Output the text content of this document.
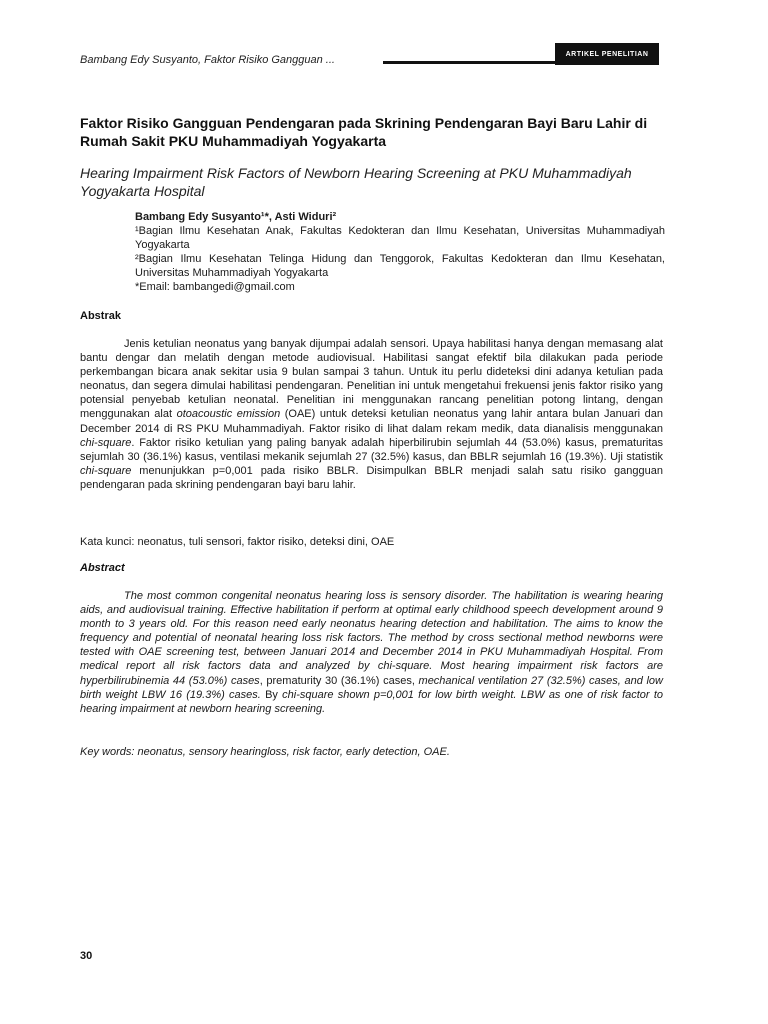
Bambang Edy Susyanto, Faktor Risiko Gangguan ...	ARTIKEL PENELITIAN
Faktor Risiko Gangguan Pendengaran pada Skrining Pendengaran Bayi Baru Lahir di Rumah Sakit PKU Muhammadiyah Yogyakarta
Hearing Impairment Risk Factors of Newborn Hearing Screening at PKU Muhammadiyah Yogyakarta Hospital
Bambang Edy Susyanto¹*, Asti Widuri²
¹Bagian Ilmu Kesehatan Anak, Fakultas Kedokteran dan Ilmu Kesehatan, Universitas Muhammadiyah Yogyakarta
²Bagian Ilmu Kesehatan Telinga Hidung dan Tenggorok, Fakultas Kedokteran dan Ilmu Kesehatan, Universitas Muhammadiyah Yogyakarta
*Email: bambangedi@gmail.com
Abstrak
Jenis ketulian neonatus yang banyak dijumpai adalah sensori. Upaya habilitasi hanya dengan memasang alat bantu dengar dan melatih dengan metode audiovisual. Habilitasi sangat efektif bila dilakukan pada periode perkembangan bicara anak sekitar usia 9 bulan sampai 3 tahun. Untuk itu perlu dideteksi dini adanya ketulian pada neonatus, dan segera dimulai habilitasi pendengaran. Penelitian ini untuk mengetahui frekuensi jenis faktor risiko yang potensial penyebab ketulian neonatal. Penelitian ini menggunakan rancang penelitian potong lintang, dengan menggunakan alat otoacoustic emission (OAE) untuk deteksi ketulian neonatus yang lahir antara bulan Januari dan December 2014 di RS PKU Muhammadiyah. Faktor risiko di lihat dalam rekam medik, data dianalisis menggunakan chi-square. Faktor risiko ketulian yang paling banyak adalah hiperbilirubin sejumlah 44 (53.0%) kasus, prematuritas sejumlah 30 (36.1%) kasus, ventilasi mekanik sejumlah 27 (32.5%) kasus, dan BBLR sejumlah 16 (19.3%). Uji statistik chi-square menunjukkan p=0,001 pada risiko BBLR. Disimpulkan BBLR menjadi salah satu risiko gangguan pendengaran pada skrining pendengaran bayi baru lahir.
Kata kunci: neonatus, tuli sensori, faktor risiko, deteksi dini, OAE
Abstract
The most common congenital neonatus hearing loss is sensory disorder. The habilitation is wearing hearing aids, and audiovisual training. Effective habilitation if perform at optimal early childhood speech development around 9 month to 3 years old. For this reason need early neonatus hearing detection and habilitation. The aims to know the frequency and potential of neonatal hearing loss risk factors. The method by cross sectional method newborns were tested with OAE screening test, between Januari 2014 and December 2014 in PKU Muhammadiyah Hospital. From medical report all risk factors data and analyzed by chi-square. Most hearing impairment risk factors are hyperbilirubinemia 44 (53.0%) cases, prematurity 30 (36.1%) cases, mechanical ventilation 27 (32.5%) cases, and low birth weight LBW 16 (19.3%) cases. By chi-square shown p=0,001 for low birth weight. LBW as one of risk factor to hearing impairment at newborn hearing screening.
Key words: neonatus, sensory hearingloss, risk factor, early detection, OAE.
30
